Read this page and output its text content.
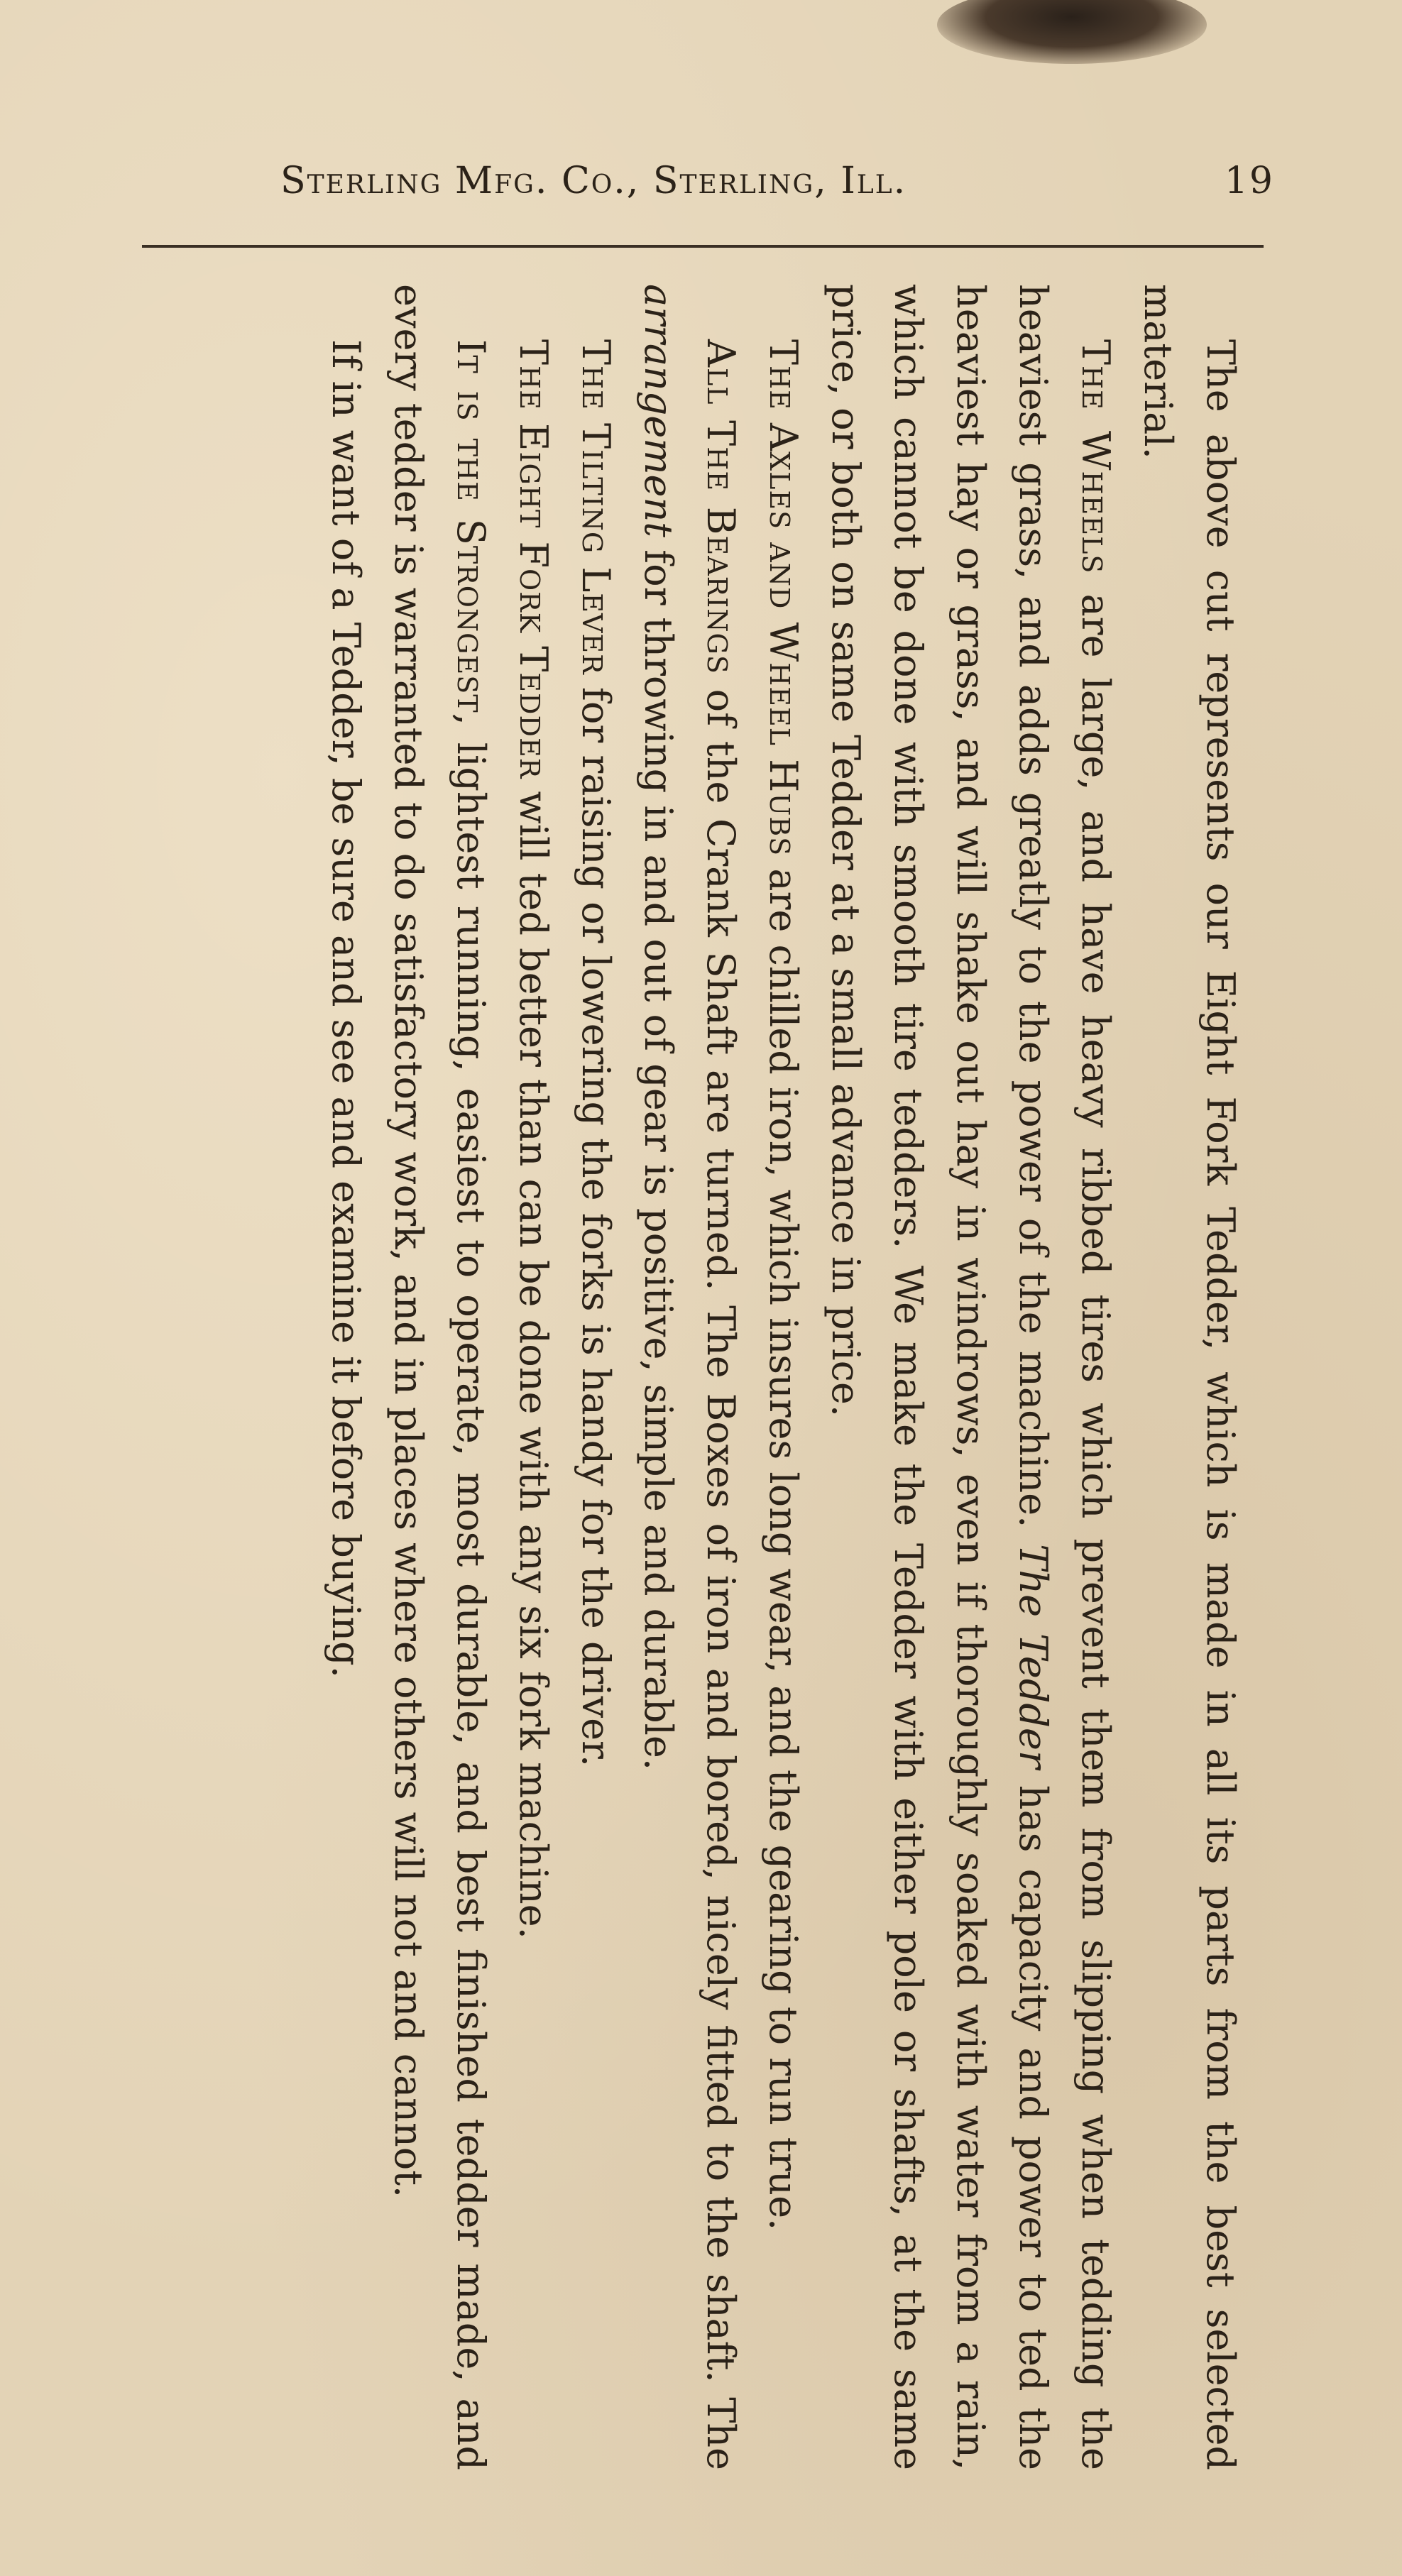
Sterling Mfg. Co., Sterling, Ill.	19

The above cut represents our Eight Fork Tedder, which is made in all its parts from the best selected material.

The Wheels are large, and have heavy ribbed tires which prevent them from slipping when tedding the heaviest grass, and adds greatly to the power of the machine. The Tedder has capacity and power to ted the heaviest hay or grass, and will shake out hay in windrows, even if thoroughly soaked with water from a rain, which cannot be done with smooth tire tedders. We make the Tedder with either pole or shafts, at the same price, or both on same Tedder at a small advance in price.

The Axles and Wheel Hubs are chilled iron, which insures long wear, and the gearing to run true.

All The Bearings of the Crank Shaft are turned. The Boxes of iron and bored, nicely fitted to the shaft. The arrangement for throwing in and out of gear is positive, simple and durable.

The Tilting Lever for raising or lowering the forks is handy for the driver.

The Eight Fork Tedder will ted better than can be done with any six fork machine.

It is the Strongest, lightest running, easiest to operate, most durable, and best finished tedder made, and every tedder is warranted to do satisfactory work, and in places where others will not and cannot.

If in want of a Tedder, be sure and see and examine it before buying.
